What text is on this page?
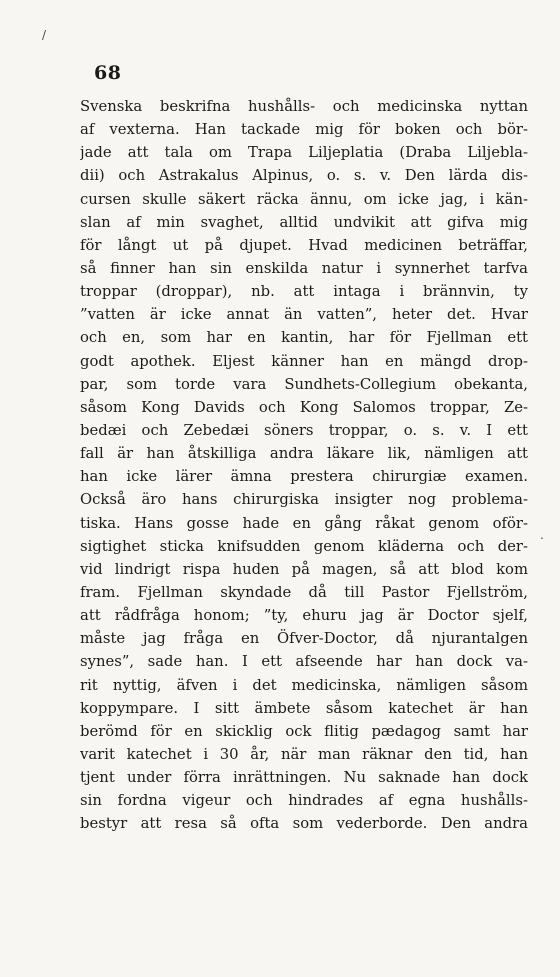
/
68
Svenska beskrifna hushålls- och medicinska nyttan
af vexterna. Han tackade mig för boken och bör-
jade att tala om Trapa Liljeplatia (Draba Liljebla-
dii) och Astrakalus Alpinus, o. s. v. Den lärda dis-
cursen skulle säkert räcka ännu, om icke jag, i kän-
slan af min svaghet, alltid undvikit att gifva mig
för långt ut på djupet. Hvad medicinen beträffar,
så finner han sin enskilda natur i synnerhet tarfva
troppar (droppar), nb. att intaga i brännvin, ty
”vatten är icke annat än vatten”, heter det. Hvar
och en, som har en kantin, har för Fjellman ett
godt apothek. Eljest känner han en mängd drop-
par, som torde vara Sundhets-Collegium obekanta,
såsom Kong Davids och Kong Salomos troppar, Ze-
bedæi och Zebedæi söners troppar, o. s. v. I ett
fall är han åtskilliga andra läkare lik, nämligen att
han icke lärer ämna prestera chirurgiæ examen.
Också äro hans chirurgiska insigter nog problema-
tiska. Hans gosse hade en gång råkat genom oför-
sigtighet sticka knifsudden genom kläderna och der-
vid lindrigt rispa huden på magen, så att blod kom
fram. Fjellman skyndade då till Pastor Fjellström,
att rådfråga honom; ”ty, ehuru jag är Doctor sjelf,
måste jag fråga en Öfver-Doctor, då njurantalgen
synes”, sade han. I ett afseende har han dock va-
rit nyttig, äfven i det medicinska, nämligen såsom
koppympare. I sitt ämbete såsom katechet är han
berömd för en skicklig ock flitig pædagog samt har
varit katechet i 30 år, när man räknar den tid, han
tjent under förra inrättningen. Nu saknade han dock
sin fordna vigeur och hindrades af egna hushålls-
bestyr att resa så ofta som vederborde. Den andra
.
